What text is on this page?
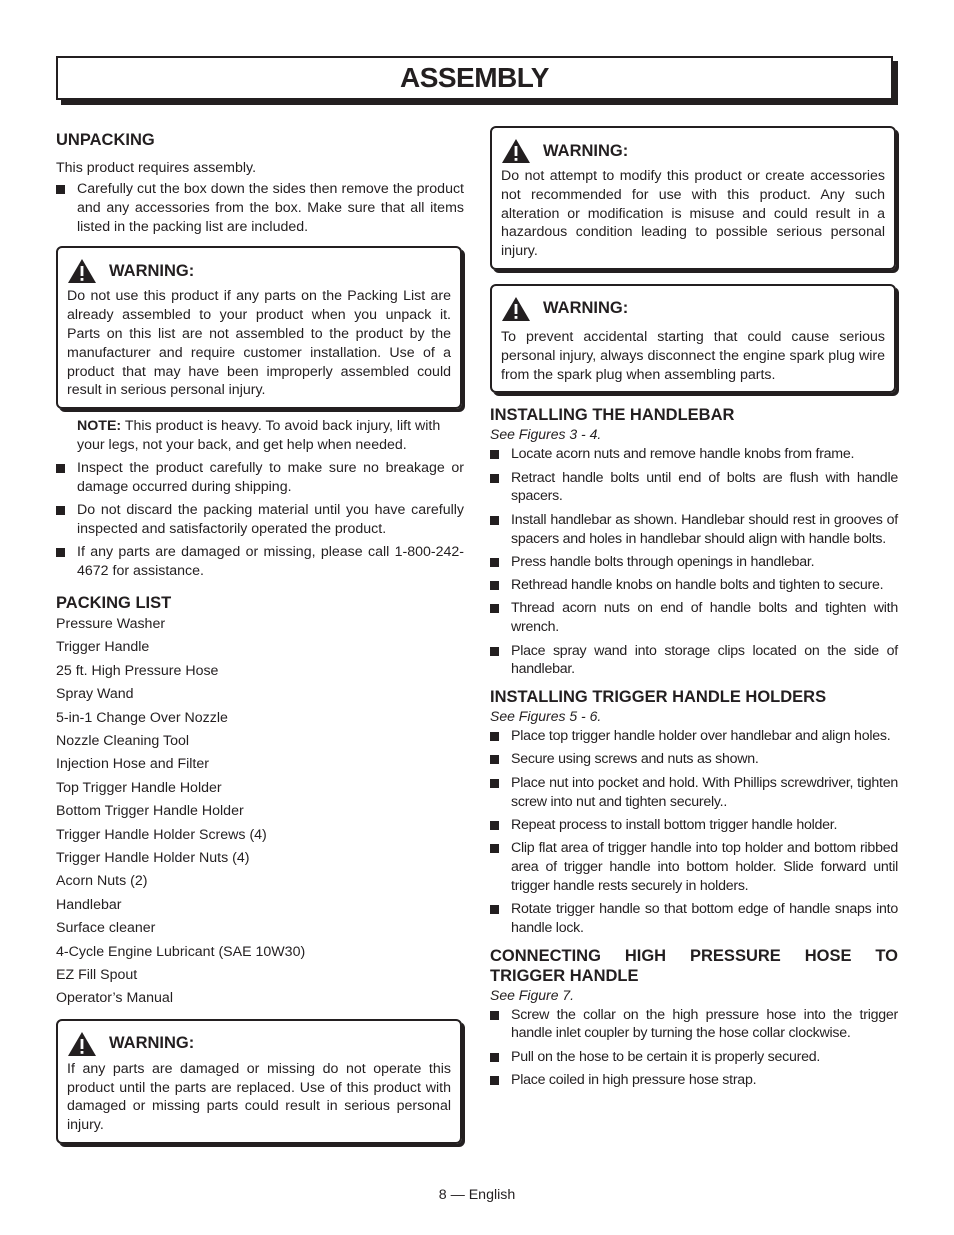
ASSEMBLY
UNPACKING

This product requires assembly.

Carefully cut the box down the sides then remove the product and any accessories from the box. Make sure that all items listed in the packing list are included.
WARNING:
Do not use this product if any parts on the Packing List are already assembled to your product when you unpack it. Parts on this list are not assembled to the product by the manufacturer and require customer installation. Use of a product that may have been improperly assembled could result in serious personal injury.

NOTE: This product is heavy. To avoid back injury, lift with your legs, not your back, and get help when needed.

Inspect the product carefully to make sure no breakage or damage occurred during shipping.
Do not discard the packing material until you have carefully inspected and satisfactorily operated the product.
If any parts are damaged or missing, please call 1-800-242-4672 for assistance.
PACKING LIST
Pressure Washer
Trigger Handle
25 ft. High Pressure Hose
Spray Wand
5-in-1 Change Over Nozzle
Nozzle Cleaning Tool
Injection Hose and Filter
Top Trigger Handle Holder
Bottom Trigger Handle Holder
Trigger Handle Holder Screws (4)
Trigger Handle Holder Nuts (4)
Acorn Nuts (2)
Handlebar
Surface cleaner
4-Cycle Engine Lubricant (SAE 10W30)
EZ Fill Spout
Operator’s Manual
WARNING:
If any parts are damaged or missing do not operate this product until the parts are replaced. Use of this product with damaged or missing parts could result in serious personal injury.
WARNING:
Do not attempt to modify this product or create accessories not recommended for use with this product. Any such alteration or modification is misuse and could result in a hazardous condition leading to possible serious personal injury.
WARNING:
To prevent accidental starting that could cause serious personal injury, always disconnect the engine spark plug wire from the spark plug when assembling parts.
INSTALLING THE HANDLEBAR

See Figures 3 - 4.

Locate acorn nuts and remove handle knobs from frame.
Retract handle bolts until end of bolts are flush with handle spacers.
Install handlebar as shown. Handlebar should rest in grooves of spacers and holes in handlebar should align with handle bolts.
Press handle bolts through openings in handlebar.
Rethread handle knobs on handle bolts and tighten to secure.
Thread acorn nuts on end of handle bolts and tighten with wrench.
Place spray wand into storage clips located on the side of handlebar.
INSTALLING TRIGGER HANDLE HOLDERS

See Figures 5 - 6.

Place top trigger handle holder over handlebar and align holes.
Secure using screws and nuts as shown.
Place nut into pocket and hold. With Phillips screwdriver, tighten screw into nut and tighten securely..
Repeat process to install bottom trigger handle holder.
Clip flat area of trigger handle into top holder and bottom ribbed area of trigger handle into bottom holder. Slide forward until trigger handle rests securely in holders.
Rotate trigger handle so that bottom edge of handle snaps into handle lock.
CONNECTING HIGH PRESSURE HOSE TO TRIGGER HANDLE

See Figure 7.

Screw the collar on the high pressure hose into the trigger handle inlet coupler by turning the hose collar clockwise.
Pull on the hose to be certain it is properly secured.
Place coiled in high pressure hose strap.
8 — English
